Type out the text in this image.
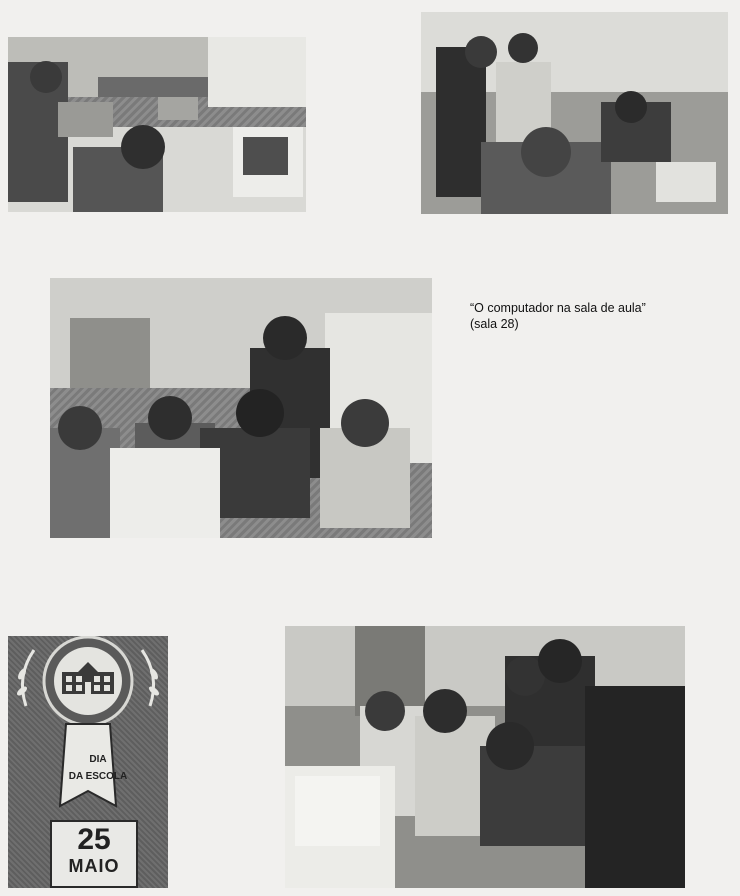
“O computador na sala de aula”
(sala 28)
DIA
DA ESCOLA
25
MAIO
